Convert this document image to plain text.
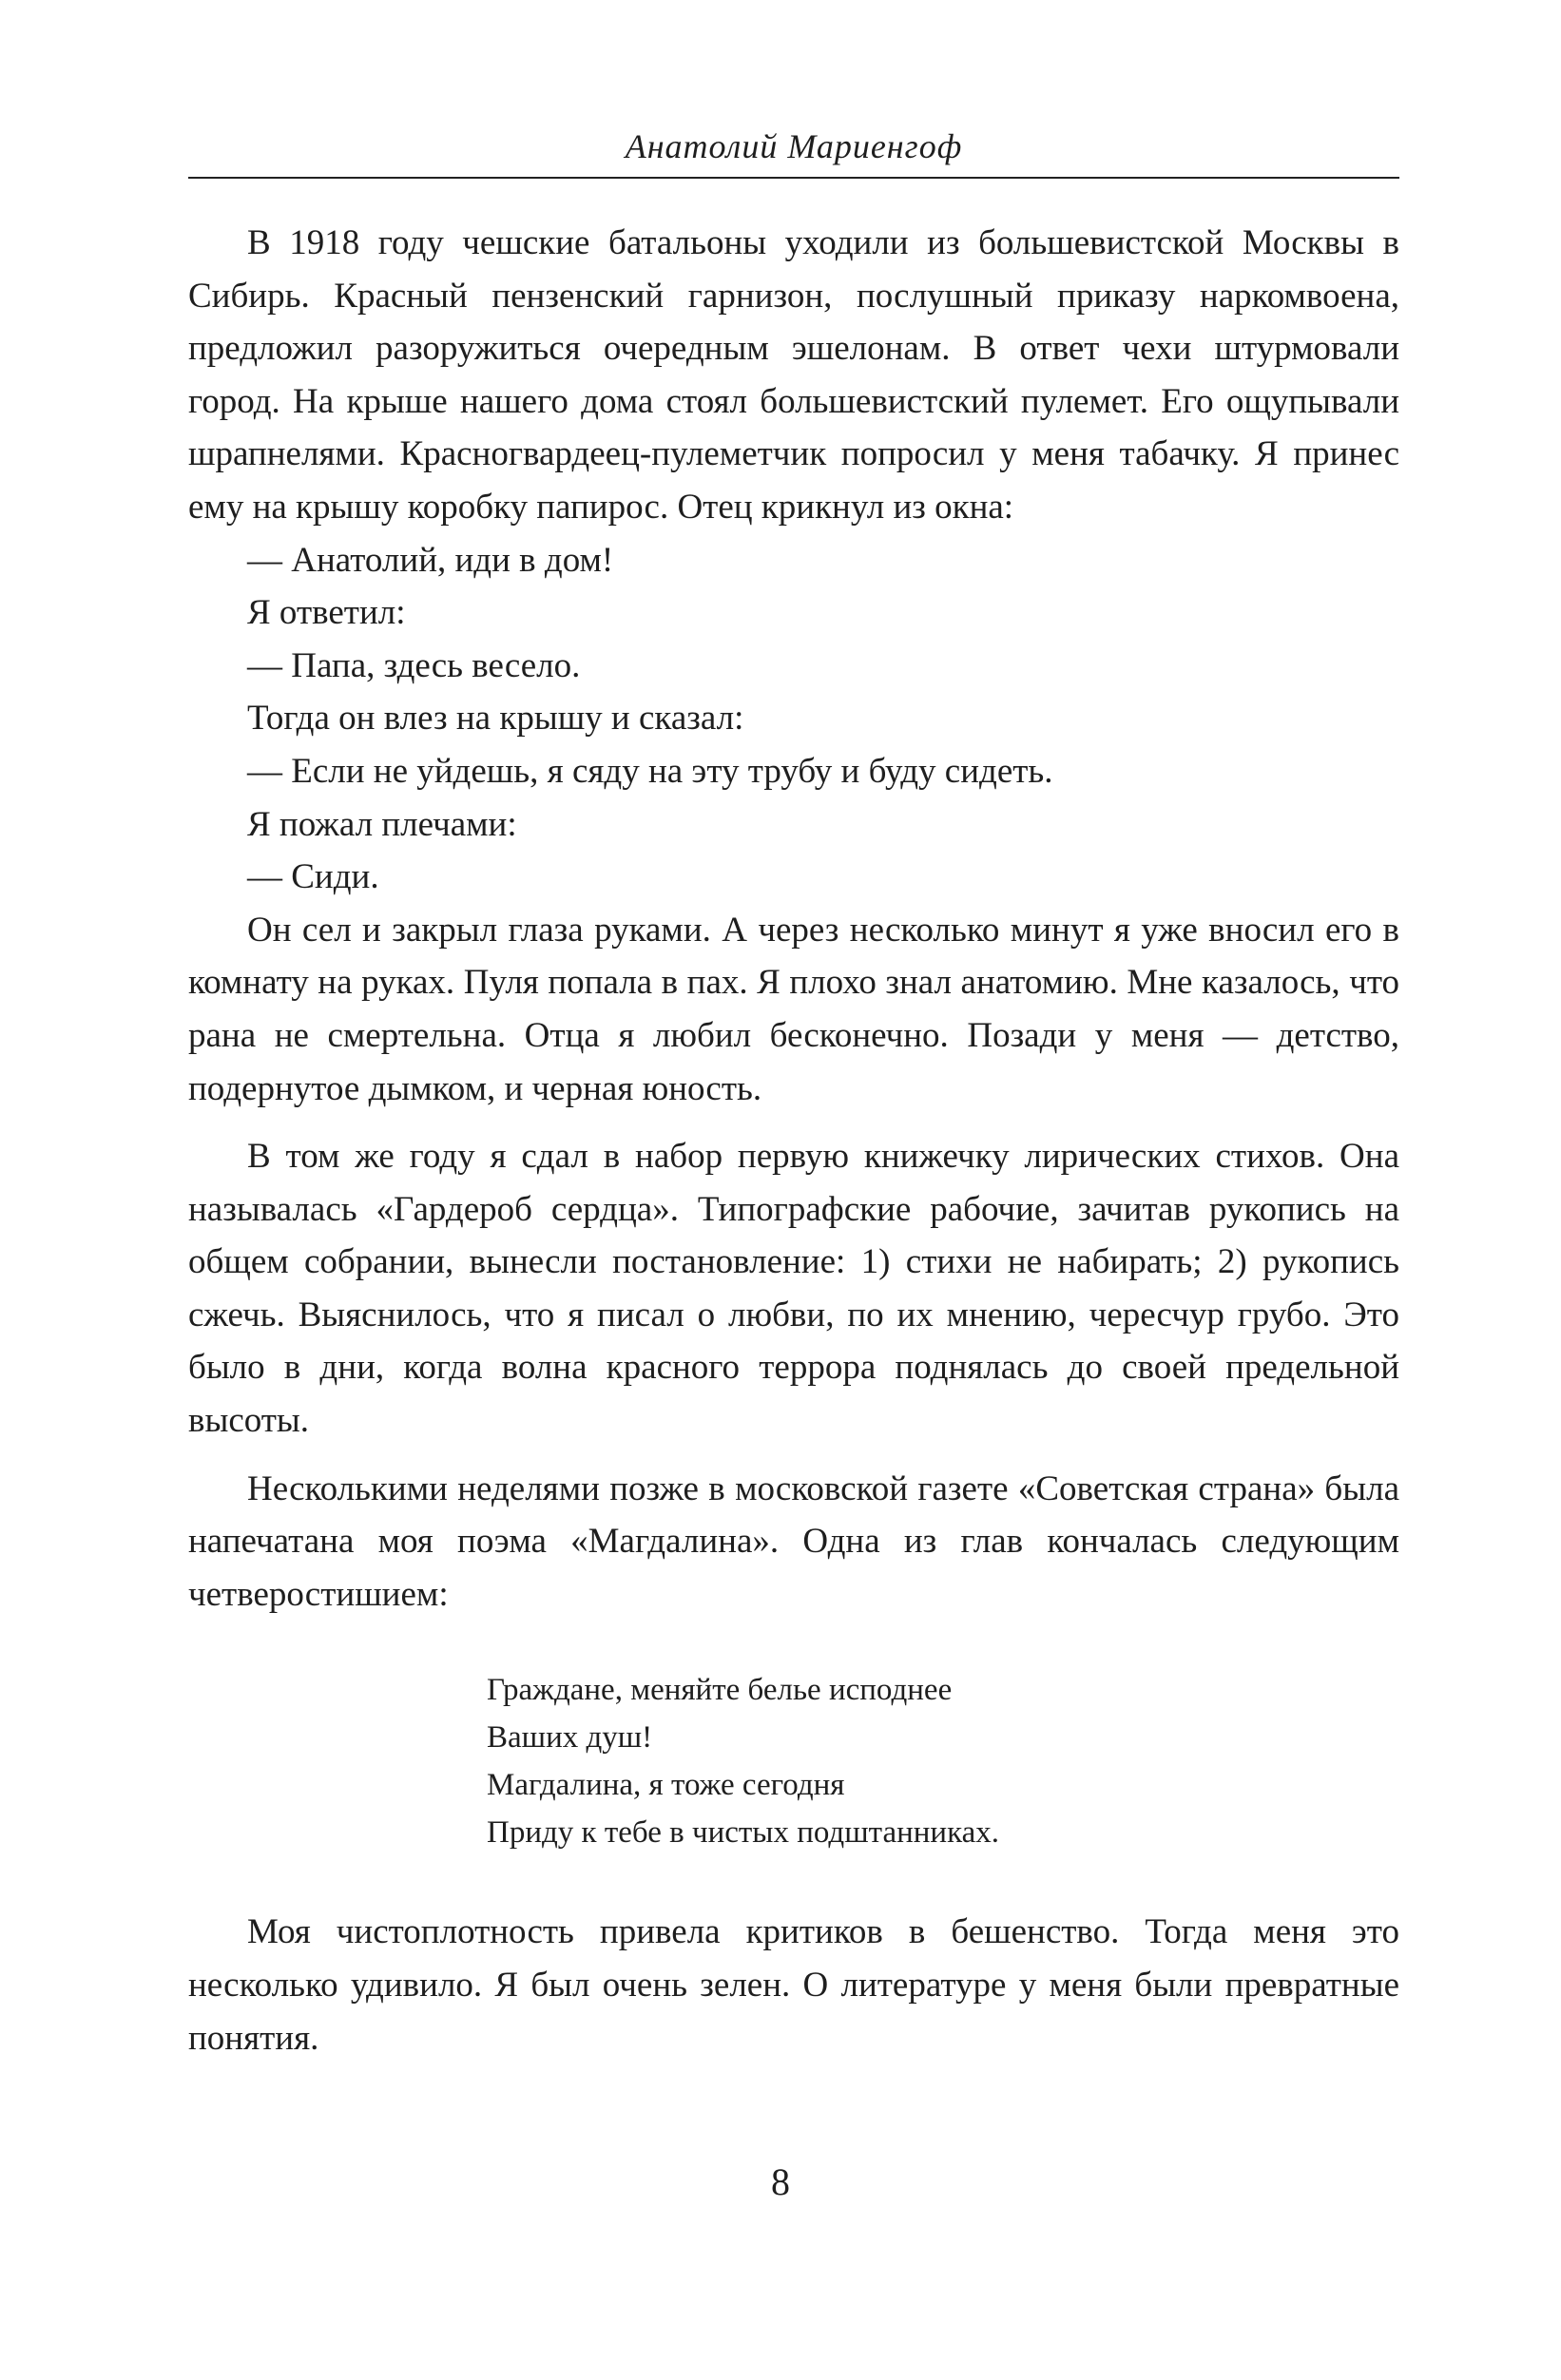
Анатолий Мариенгоф

В 1918 году чешские батальоны уходили из большевистской Москвы в Сибирь. Красный пензенский гарнизон, послушный приказу наркомвоена, предложил разоружиться очередным эшелонам. В ответ чехи штурмовали город. На крыше нашего дома стоял большевистский пулемет. Его ощупывали шрапнелями. Красногвардеец-пулеметчик попросил у меня табачку. Я принес ему на крышу коробку папирос. Отец крикнул из окна:

— Анатолий, иди в дом!

Я ответил:

— Папа, здесь весело.

Тогда он влез на крышу и сказал:

— Если не уйдешь, я сяду на эту трубу и буду сидеть.

Я пожал плечами:

— Сиди.

Он сел и закрыл глаза руками. А через несколько минут я уже вносил его в комнату на руках. Пуля попала в пах. Я плохо знал анатомию. Мне казалось, что рана не смертельна. Отца я любил бесконечно. Позади у меня — детство, подернутое дымком, и черная юность.

В том же году я сдал в набор первую книжечку лирических стихов. Она называлась «Гардероб сердца». Типографские рабочие, зачитав рукопись на общем собрании, вынесли постановление: 1) стихи не набирать; 2) рукопись сжечь. Выяснилось, что я писал о любви, по их мнению, чересчур грубо. Это было в дни, когда волна красного террора поднялась до своей предельной высоты.

Несколькими неделями позже в московской газете «Советская страна» была напечатана моя поэма «Магдалина». Одна из глав кончалась следующим четверостишием:

Граждане, меняйте белье исподнее
Ваших душ!
Магдалина, я тоже сегодня
Приду к тебе в чистых подштанниках.

Моя чистоплотность привела критиков в бешенство. Тогда меня это несколько удивило. Я был очень зелен. О литературе у меня были превратные понятия.

8
